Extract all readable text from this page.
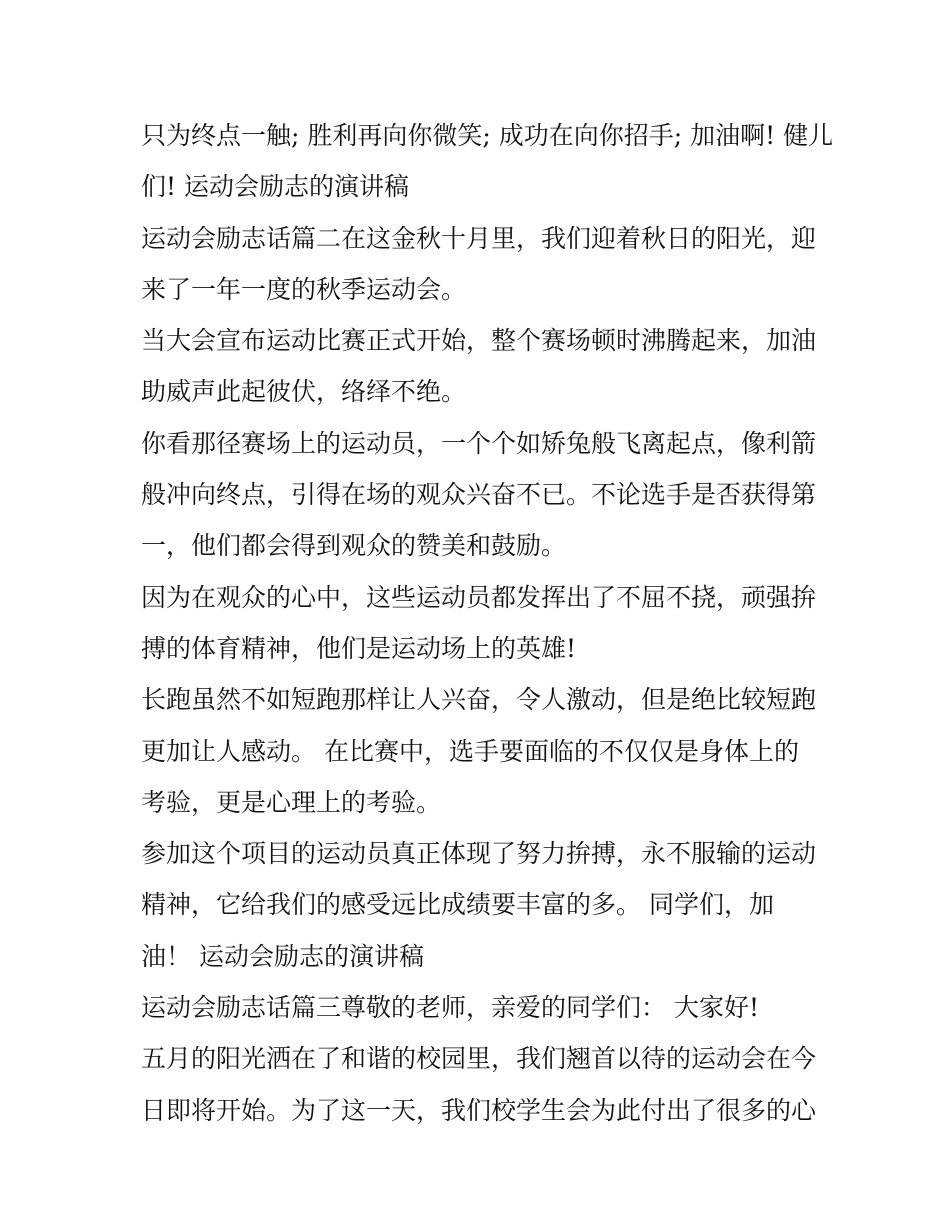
只为终点一触; 胜利再向你微笑; 成功在向你招手; 加油啊! 健儿
们! 运动会励志的演讲稿
运动会励志话篇二在这金秋十月里，我们迎着秋日的阳光，迎
来了一年一度的秋季运动会。
当大会宣布运动比赛正式开始，整个赛场顿时沸腾起来，加油
助威声此起彼伏，络绎不绝。
你看那径赛场上的运动员，一个个如矫兔般飞离起点，像利箭
般冲向终点，引得在场的观众兴奋不已。不论选手是否获得第
一，他们都会得到观众的赞美和鼓励。
因为在观众的心中，这些运动员都发挥出了不屈不挠，顽强拚
搏的体育精神，他们是运动场上的英雄!
长跑虽然不如短跑那样让人兴奋，令人激动，但是绝比较短跑
更加让人感动。 在比赛中，选手要面临的不仅仅是身体上的
考验，更是心理上的考验。
参加这个项目的运动员真正体现了努力拚搏，永不服输的运动
精神，它给我们的感受远比成绩要丰富的多。 同学们，加
油！ 运动会励志的演讲稿
运动会励志话篇三尊敬的老师，亲爱的同学们： 大家好!
五月的阳光洒在了和谐的校园里，我们翘首以待的运动会在今
日即将开始。为了这一天，我们校学生会为此付出了很多的心
